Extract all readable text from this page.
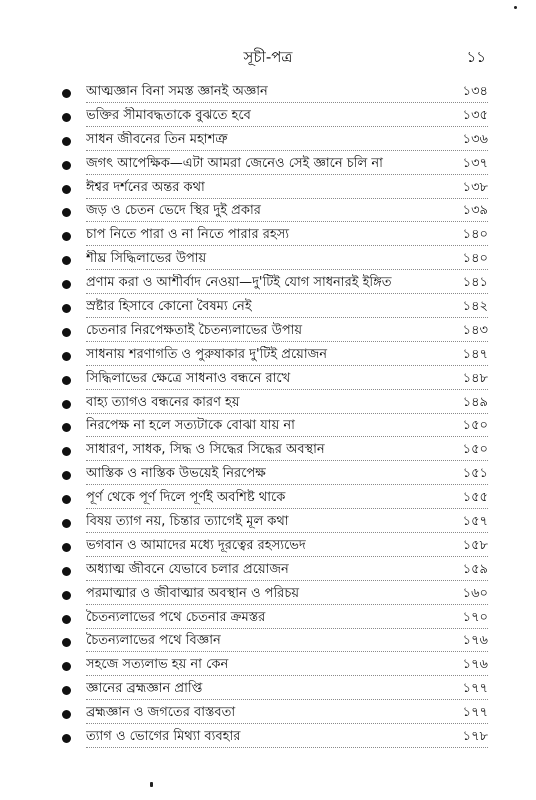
সূচী-পত্র	১১
আত্মজ্ঞান বিনা সমস্ত জ্ঞানই অজ্ঞান	১৩৪
ভক্তির সীমাবদ্ধতাকে বুঝতে হবে	১৩৫
সাধন জীবনের তিন মহাশত্রু	১৩৬
জগৎ আপেক্ষিক—এটা আমরা জেনেও সেই জ্ঞানে চলি না	১৩৭
ঈশ্বর দর্শনের অন্তর কথা	১৩৮
জড় ও চেতন ভেদে স্থির দুই প্রকার	১৩৯
চাপ নিতে পারা ও না নিতে পারার রহস্য	১৪০
শীঘ্র সিদ্ধিলাভের উপায়	১৪০
প্রণাম করা ও আশীর্বাদ নেওয়া—দু'টিই যোগ সাধনারই ইঙ্গিত	১৪১
স্রষ্টার হিসাবে কোনো বৈষম্য নেই	১৪২
চেতনার নিরপেক্ষতাই চৈতন্যলাভের উপায়	১৪৩
সাধনায় শরণাগতি ও পুরুষাকার দু'টিই প্রয়োজন	১৪৭
সিদ্ধিলাভের ক্ষেত্রে সাধনাও বন্ধনে রাখে	১৪৮
বাহ্য ত্যাগও বন্ধনের কারণ হয়	১৪৯
নিরপেক্ষ না হলে সত্যটাকে বোঝা যায় না	১৫০
সাধারণ, সাধক, সিদ্ধ ও সিদ্ধের সিদ্ধের অবস্থান	১৫০
আস্তিক ও নাস্তিক উভয়েই নিরপেক্ষ	১৫১
পূর্ণ থেকে পূর্ণ দিলে পূর্ণই অবশিষ্ট থাকে	১৫৫
বিষয় ত্যাগ নয়, চিন্তার ত্যাগেই মূল কথা	১৫৭
ভগবান ও আমাদের মধ্যে দূরত্বের রহস্যভেদ	১৫৮
অধ্যাত্ম জীবনে যেভাবে চলার প্রয়োজন	১৫৯
পরমাত্মার ও জীবাত্মার অবস্থান ও পরিচয়	১৬০
চৈতন্যলাভের পথে চেতনার ক্রমস্তর	১৭০
চৈতন্যলাভের পথে বিজ্ঞান	১৭৬
সহজে সত্যলাভ হয় না কেন	১৭৬
জ্ঞানের ব্রহ্মজ্ঞান প্রাপ্তি	১৭৭
ব্রহ্মজ্ঞান ও জগতের বাস্তবতা	১৭৭
ত্যাগ ও ভোগের মিথ্যা ব্যবহার	১৭৮
